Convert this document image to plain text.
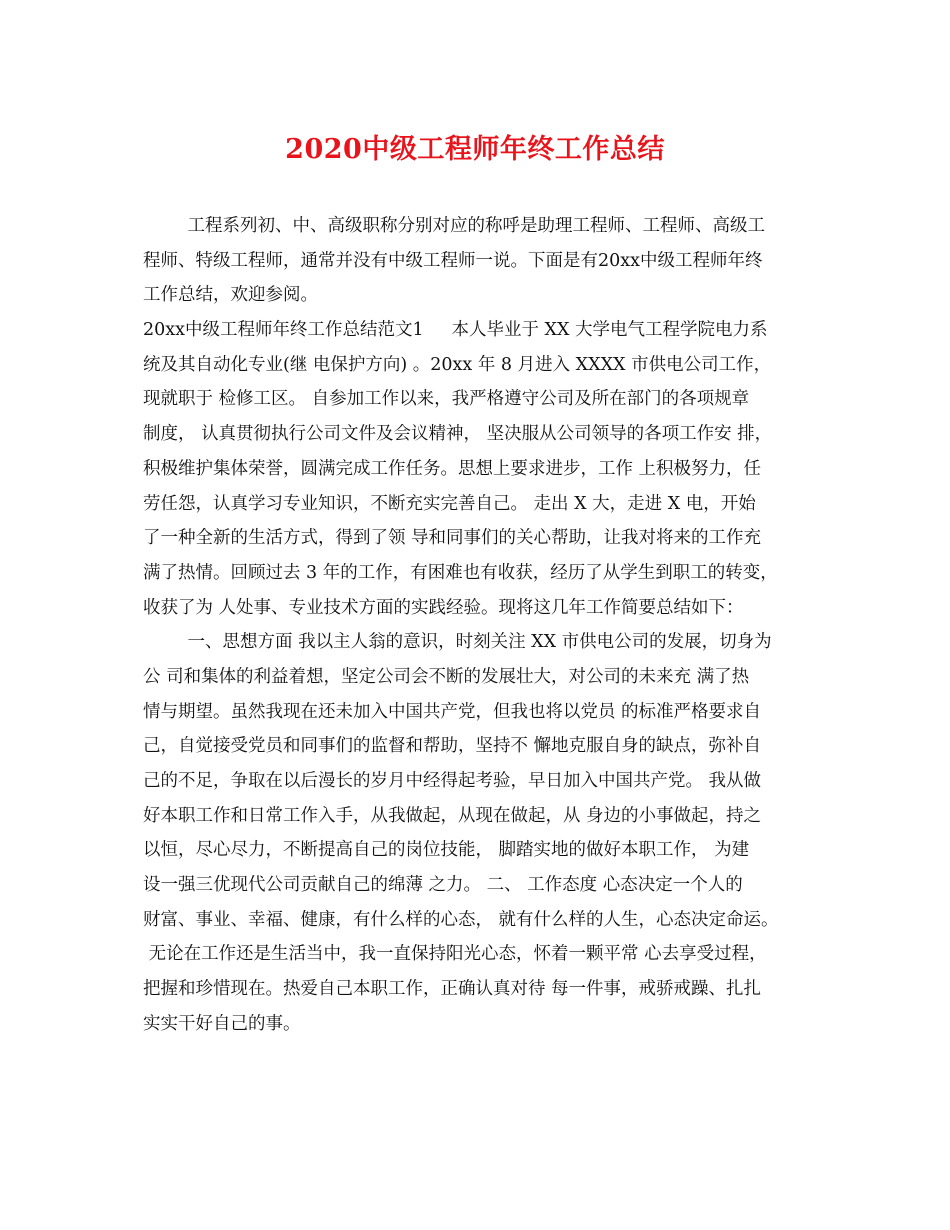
2020中级工程师年终工作总结
工程系列初、中、高级职称分别对应的称呼是助理工程师、工程师、高级工
程师、特级工程师，通常并没有中级工程师一说。下面是有20xx中级工程师年终
工作总结，欢迎参阅。
20xx中级工程师年终工作总结范文1     本人毕业于 XX 大学电气工程学院电力系
统及其自动化专业(继 电保护方向) 。20xx 年 8 月进入 XXXX 市供电公司工作，
现就职于 检修工区。 自参加工作以来，我严格遵守公司及所在部门的各项规章
制度， 认真贯彻执行公司文件及会议精神， 坚决服从公司领导的各项工作安 排，
积极维护集体荣誉，圆满完成工作任务。思想上要求进步，工作 上积极努力，任
劳任怨，认真学习专业知识，不断充实完善自己。 走出 X 大，走进 X 电，开始
了一种全新的生活方式，得到了领 导和同事们的关心帮助，让我对将来的工作充
满了热情。回顾过去 3 年的工作，有困难也有收获，经历了从学生到职工的转变，
收获了为 人处事、专业技术方面的实践经验。现将这几年工作简要总结如下：
一、思想方面 我以主人翁的意识，时刻关注 XX 市供电公司的发展，切身为
公 司和集体的利益着想，坚定公司会不断的发展壮大，对公司的未来充 满了热
情与期望。虽然我现在还未加入中国共产党，但我也将以党员 的标准严格要求自
己，自觉接受党员和同事们的监督和帮助，坚持不 懈地克服自身的缺点，弥补自
己的不足，争取在以后漫长的岁月中经得起考验，早日加入中国共产党。 我从做
好本职工作和日常工作入手，从我做起，从现在做起，从 身边的小事做起，持之
以恒，尽心尽力，不断提高自己的岗位技能， 脚踏实地的做好本职工作， 为建
设一强三优现代公司贡献自己的绵薄 之力。 二、 工作态度 心态决定一个人的
财富、事业、幸福、健康，有什么样的心态， 就有什么样的人生，心态决定命运。
无论在工作还是生活当中，我一直保持阳光心态，怀着一颗平常 心去享受过程，
把握和珍惜现在。热爱自己本职工作，正确认真对待 每一件事，戒骄戒躁、扎扎
实实干好自己的事。
